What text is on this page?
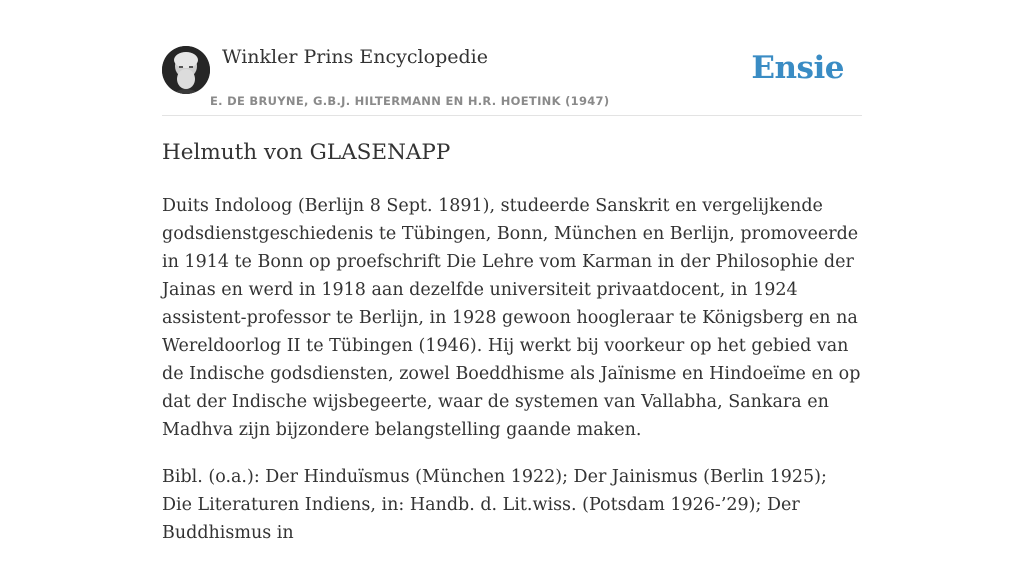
Winkler Prins Encyclopedie
E. DE BRUYNE, G.B.J. HILTERMANN EN H.R. HOETINK (1947)
Ensie
Helmuth von GLASENAPP

Duits Indoloog (Berlijn 8 Sept. 1891), studeerde Sanskrit en vergelijkende godsdienstgeschiedenis te Tübingen, Bonn, München en Berlijn, promoveerde in 1914 te Bonn op proefschrift Die Lehre vom Karman in der Philosophie der Jainas en werd in 1918 aan dezelfde universiteit privaatdocent, in 1924 assistent-professor te Berlijn, in 1928 gewoon hoogleraar te Königsberg en na Wereldoorlog II te Tübingen (1946). Hij werkt bij voorkeur op het gebied van de Indische godsdiensten, zowel Boeddhisme als Jaïnisme en Hindoeïme en op dat der Indische wijsbegeerte, waar de systemen van Vallabha, Sankara en Madhva zijn bijzondere belangstelling gaande maken.

Bibl. (o.a.): Der Hinduïsmus (München 1922); Der Jainismus (Berlin 1925); Die Literaturen Indiens, in: Handb. d. Lit.wiss. (Potsdam 1926-’29); Der Buddhismus in
